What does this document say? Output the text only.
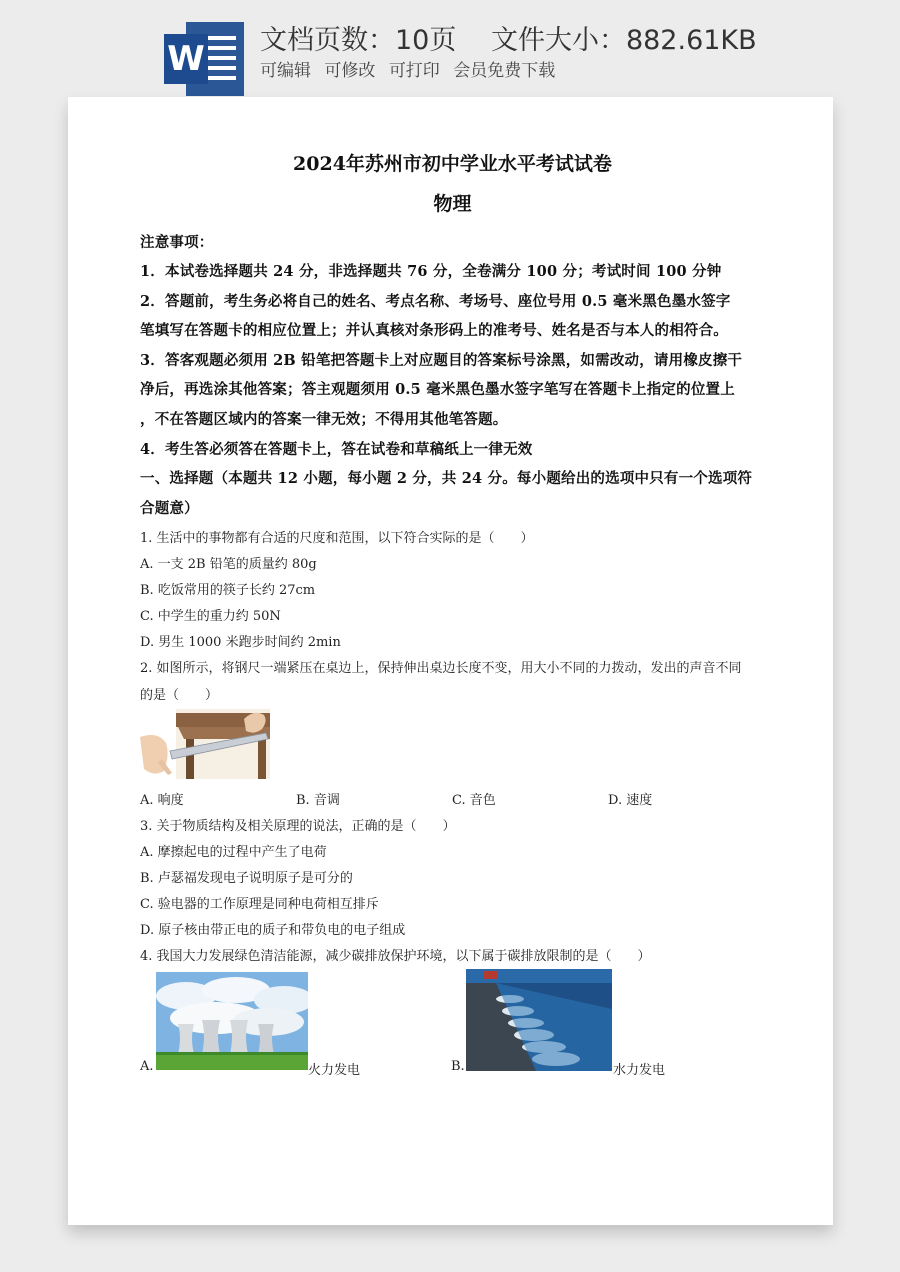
W 文档页数：10页 文件大小：882.61KB
可编辑 可修改 可打印 会员免费下载
2024年苏州市初中学业水平考试试卷
物理
注意事项：
1．本试卷选择题共 24 分，非选择题共 76 分，全卷满分 100 分；考试时间 100 分钟
2．答题前，考生务必将自己的姓名、考点名称、考场号、座位号用 0.5 毫米黑色墨水签字
笔填写在答题卡的相应位置上；并认真核对条形码上的准考号、姓名是否与本人的相符合。
3．答客观题必须用 2B 铅笔把答题卡上对应题目的答案标号涂黑，如需改动，请用橡皮擦干
净后，再选涂其他答案；答主观题须用 0.5 毫米黑色墨水签字笔写在答题卡上指定的位置上
，不在答题区域内的答案一律无效；不得用其他笔答题。
4．考生答必须答在答题卡上，答在试卷和草稿纸上一律无效
一、选择题（本题共 12 小题，每小题 2 分，共 24 分。每小题给出的选项中只有一个选项符
合题意）
1. 生活中的事物都有合适的尺度和范围，以下符合实际的是（　　）
A. 一支 2B 铅笔的质量约 80g
B. 吃饭常用的筷子长约 27cm
C. 中学生的重力约 50N
D. 男生 1000 米跑步时间约 2min
2. 如图所示，将钢尺一端紧压在桌边上，保持伸出桌边长度不变，用大小不同的力拨动，发出的声音不同
的是（　　）
A. 响度	B. 音调	C. 音色	D. 速度
3. 关于物质结构及相关原理的说法，正确的是（　　）
A. 摩擦起电的过程中产生了电荷
B. 卢瑟福发现电子说明原子是可分的
C. 验电器的工作原理是同种电荷相互排斥
D. 原子核由带正电的质子和带负电的电子组成
4. 我国大力发展绿色清洁能源，减少碳排放保护环境，以下属于碳排放限制的是（　　）
A.	火力发电	B.	水力发电
